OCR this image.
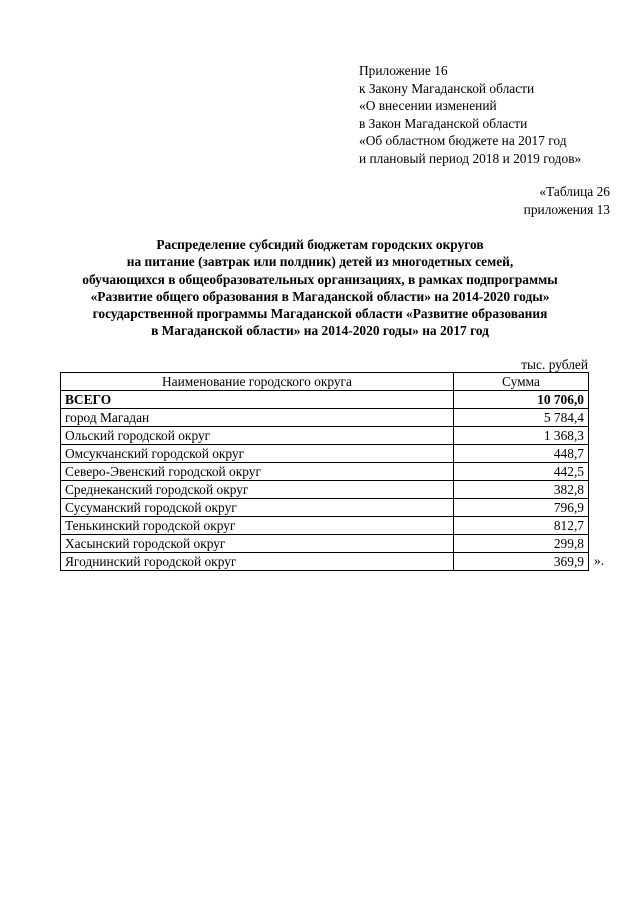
Приложение 16
к Закону Магаданской области
«О внесении изменений
в Закон Магаданской области
«Об областном бюджете на 2017 год
и плановый период 2018 и 2019 годов»
«Таблица 26
приложения 13
Распределение субсидий бюджетам городских округов
на питание (завтрак или полдник) детей из многодетных семей,
обучающихся в общеобразовательных организациях, в рамках подпрограммы
«Развитие общего образования в Магаданской области» на 2014-2020 годы»
государственной программы Магаданской области «Развитие образования
в Магаданской области» на 2014-2020 годы» на 2017 год
тыс. рублей
Наименование городского округа	Сумма
ВСЕГО	10 706,0
город Магадан	5 784,4
Ольский городской округ	1 368,3
Омсукчанский городской округ	448,7
Северо-Эвенский городской округ	442,5
Среднеканский городской округ	382,8
Сусуманский городской округ	796,9
Тенькинский городской округ	812,7
Хасынский городской округ	299,8
Ягоднинский городской округ	369,9 ».
